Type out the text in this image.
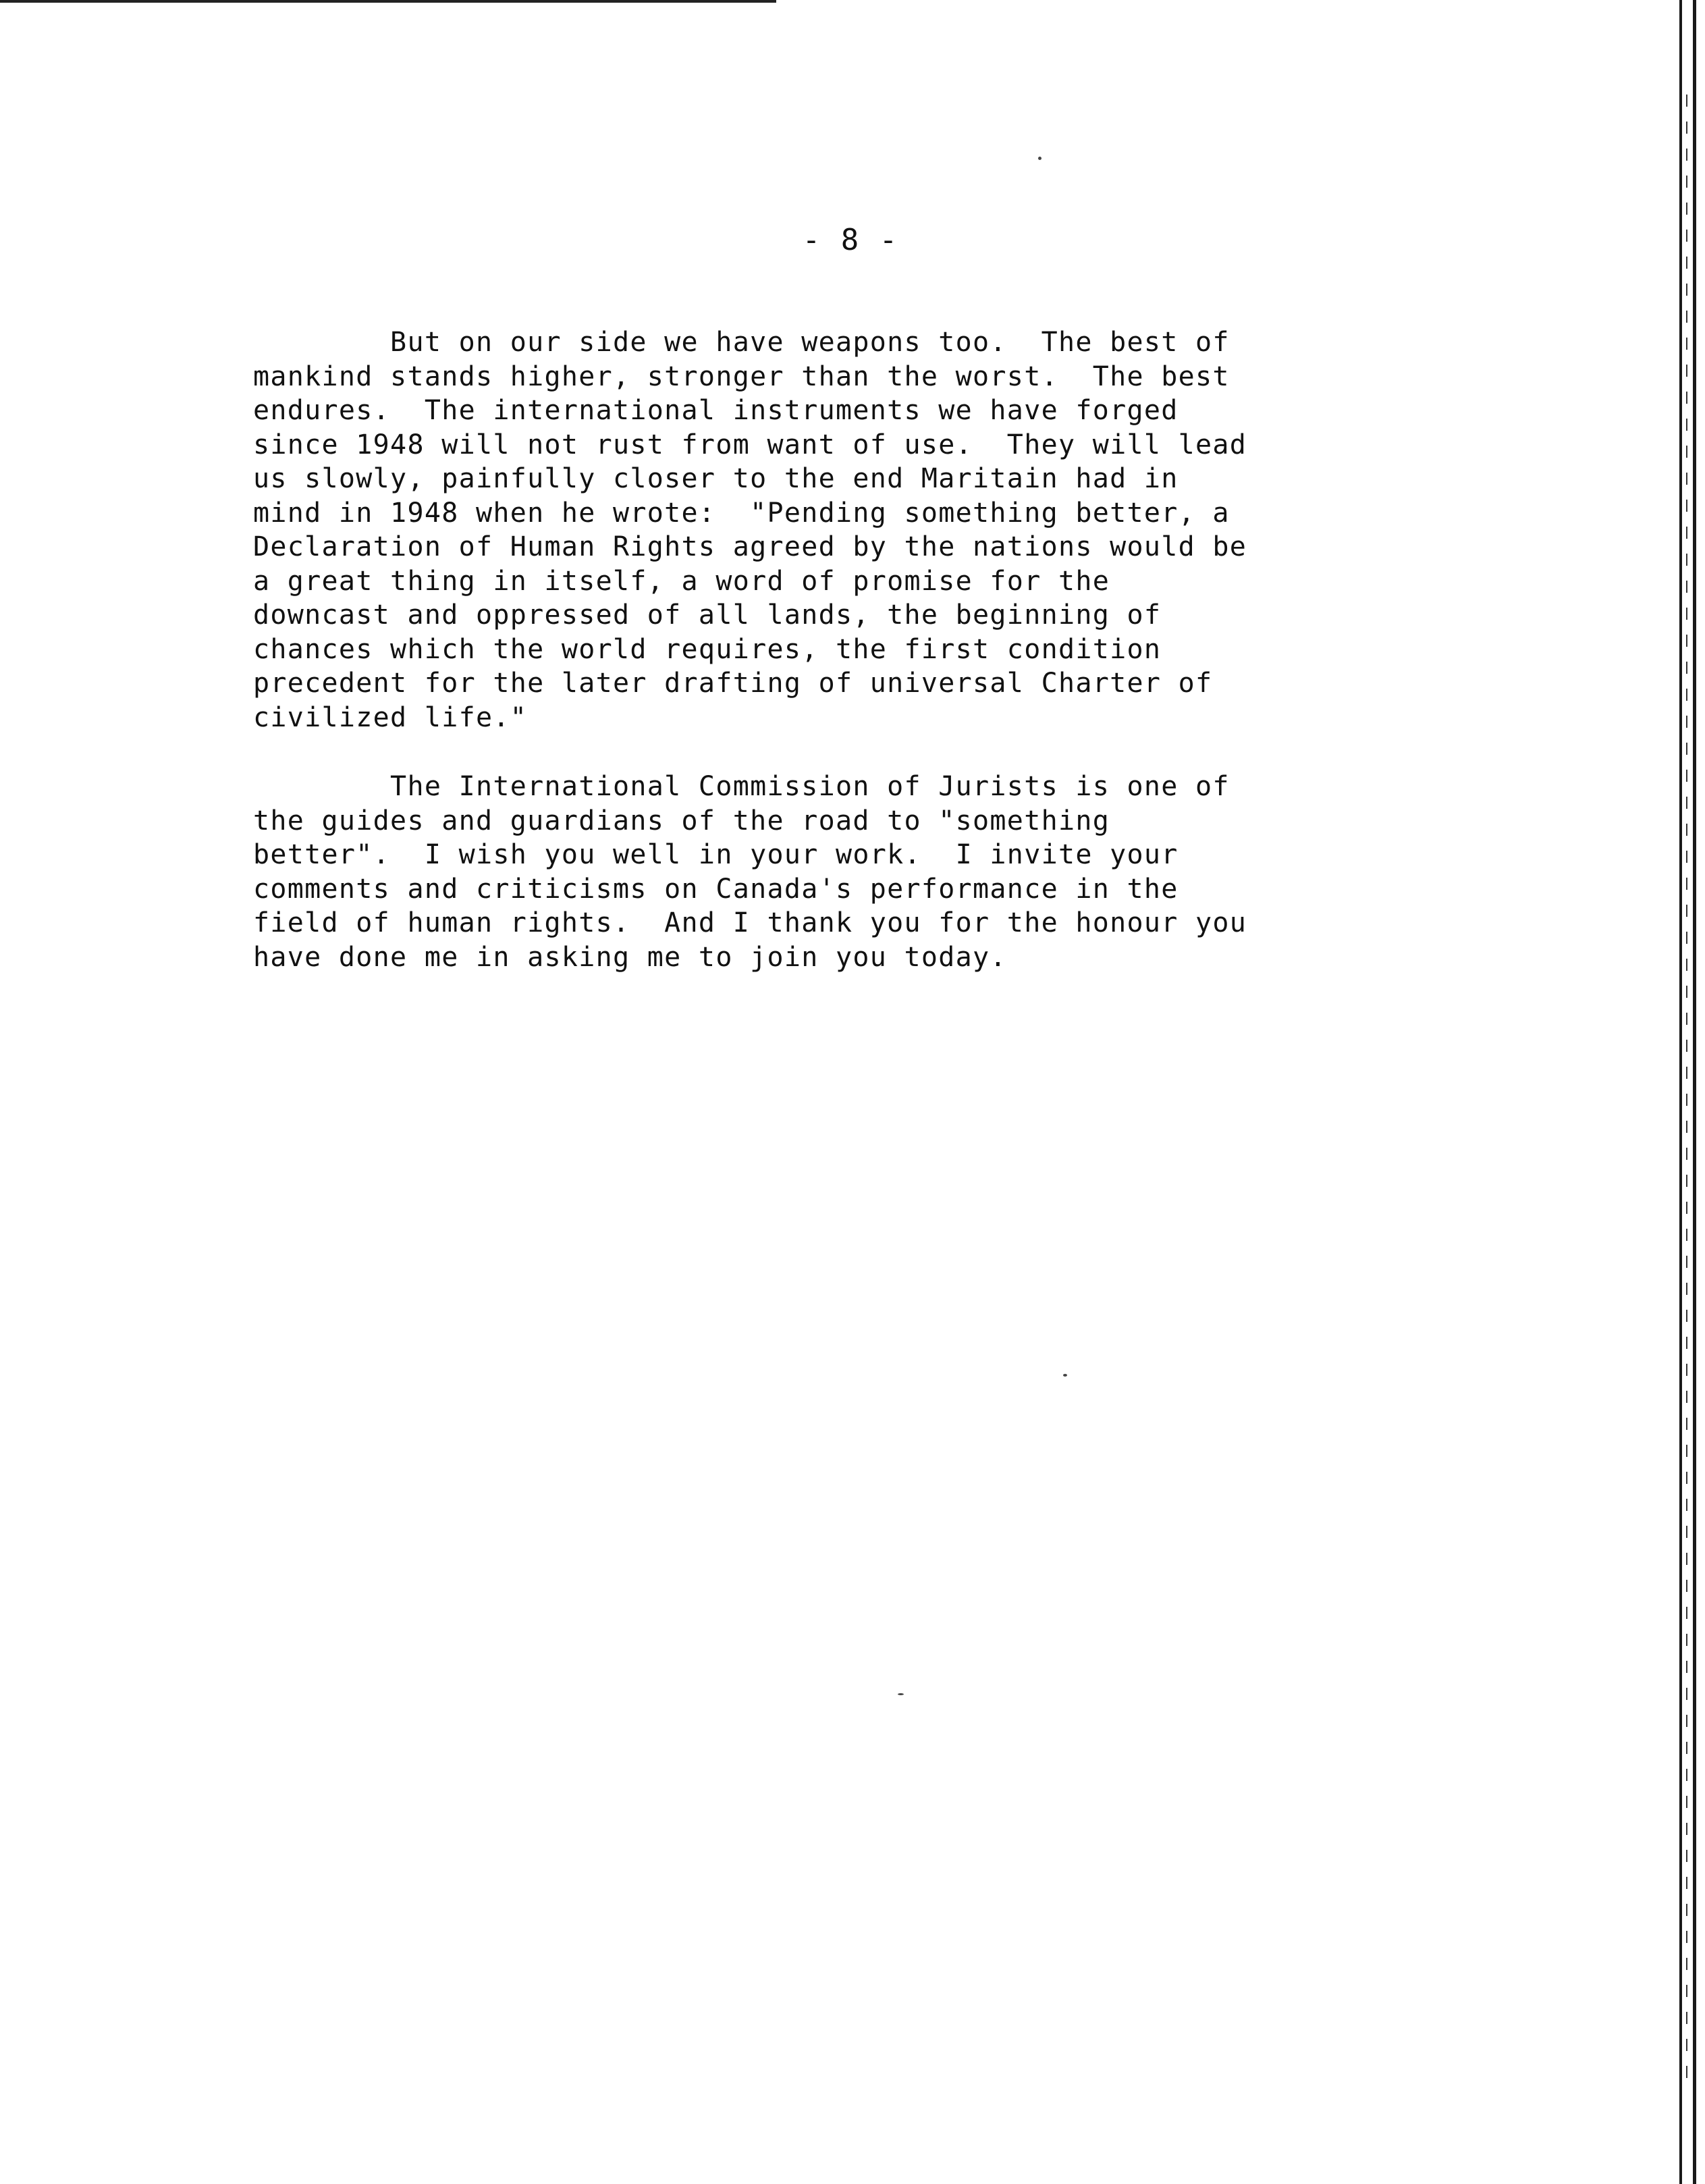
- 8 -
But on our side we have weapons too.  The best of
mankind stands higher, stronger than the worst.  The best
endures.  The international instruments we have forged
since 1948 will not rust from want of use.  They will lead
us slowly, painfully closer to the end Maritain had in
mind in 1948 when he wrote:  "Pending something better, a
Declaration of Human Rights agreed by the nations would be
a great thing in itself, a word of promise for the
downcast and oppressed of all lands, the beginning of
chances which the world requires, the first condition
precedent for the later drafting of universal Charter of
civilized life."
The International Commission of Jurists is one of
the guides and guardians of the road to "something
better".  I wish you well in your work.  I invite your
comments and criticisms on Canada's performance in the
field of human rights.  And I thank you for the honour you
have done me in asking me to join you today.
